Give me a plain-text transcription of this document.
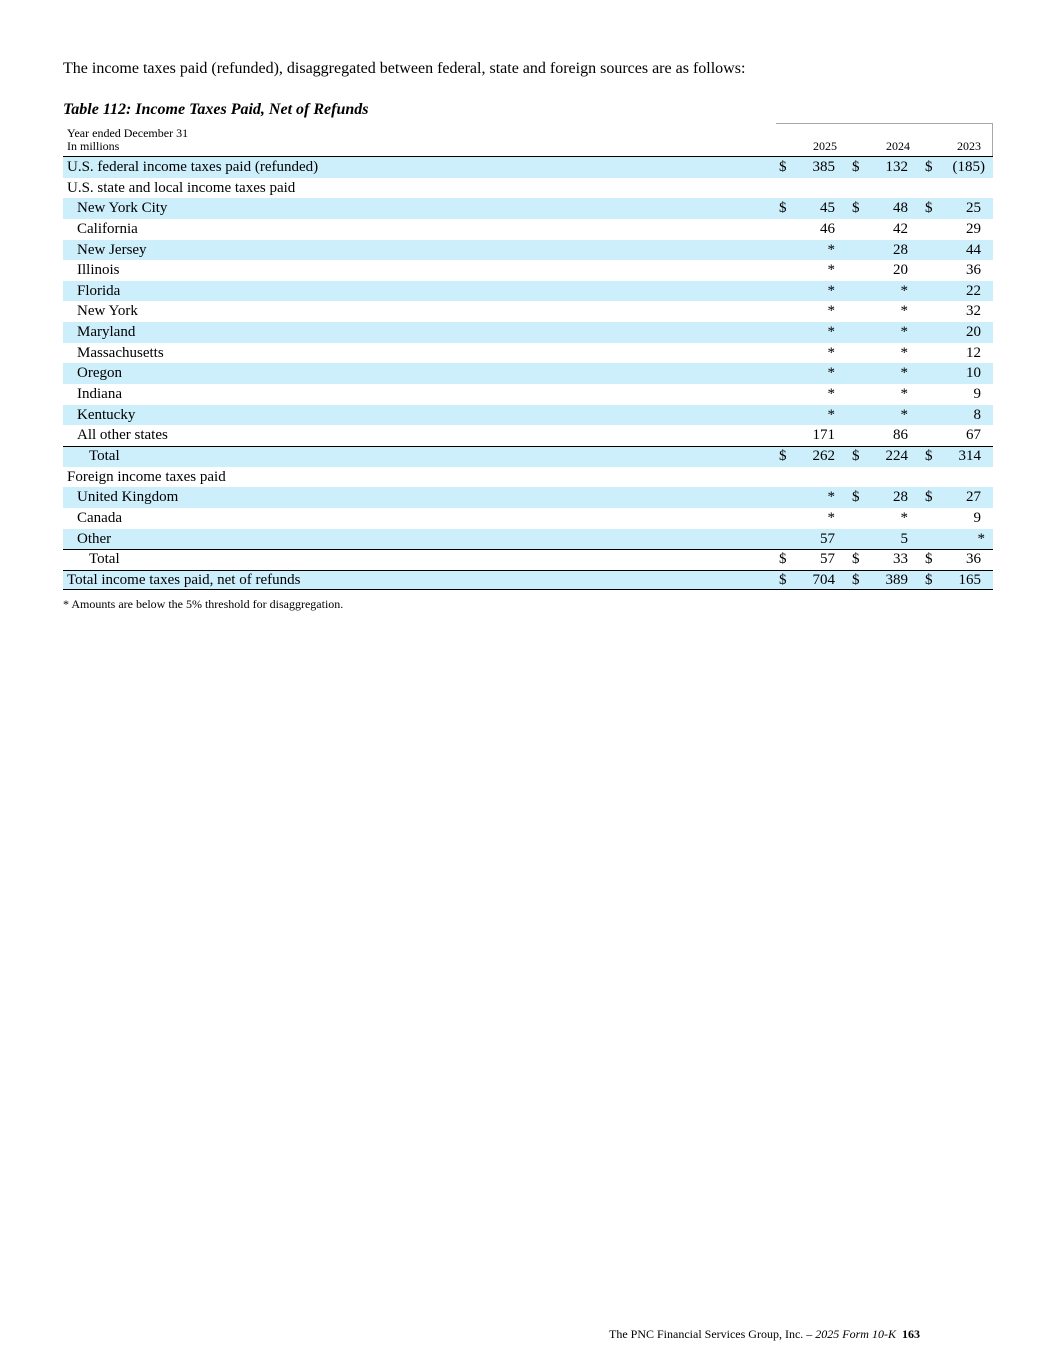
The income taxes paid (refunded), disaggregated between federal, state and foreign sources are as follows:
Table 112: Income Taxes Paid, Net of Refunds
Year ended December 31
In millions	2025	2024	2023
U.S. federal income taxes paid (refunded)	$	385 $	132 $	(185)
U.S. state and local income taxes paid
New York City	$	45 $	48 $	25
California	46	42	29
New Jersey	*	28	44
Illinois	*	20	36
Florida	*	*	22
New York	*	*	32
Maryland	*	*	20
Massachusetts	*	*	12
Oregon	*	*	10
Indiana	*	*	9
Kentucky	*	*	8
All other states	171	86	67
Total	$	262 $	224 $	314
Foreign income taxes paid
United Kingdom	* $	28 $	27
Canada	*	*	9
Other	57	5	*
Total	$	57 $	33 $	36
Total income taxes paid, net of refunds	$	704 $	389 $	165
* Amounts are below the 5% threshold for disaggregation.
The PNC Financial Services Group, Inc. – 2025 Form 10-K 163
